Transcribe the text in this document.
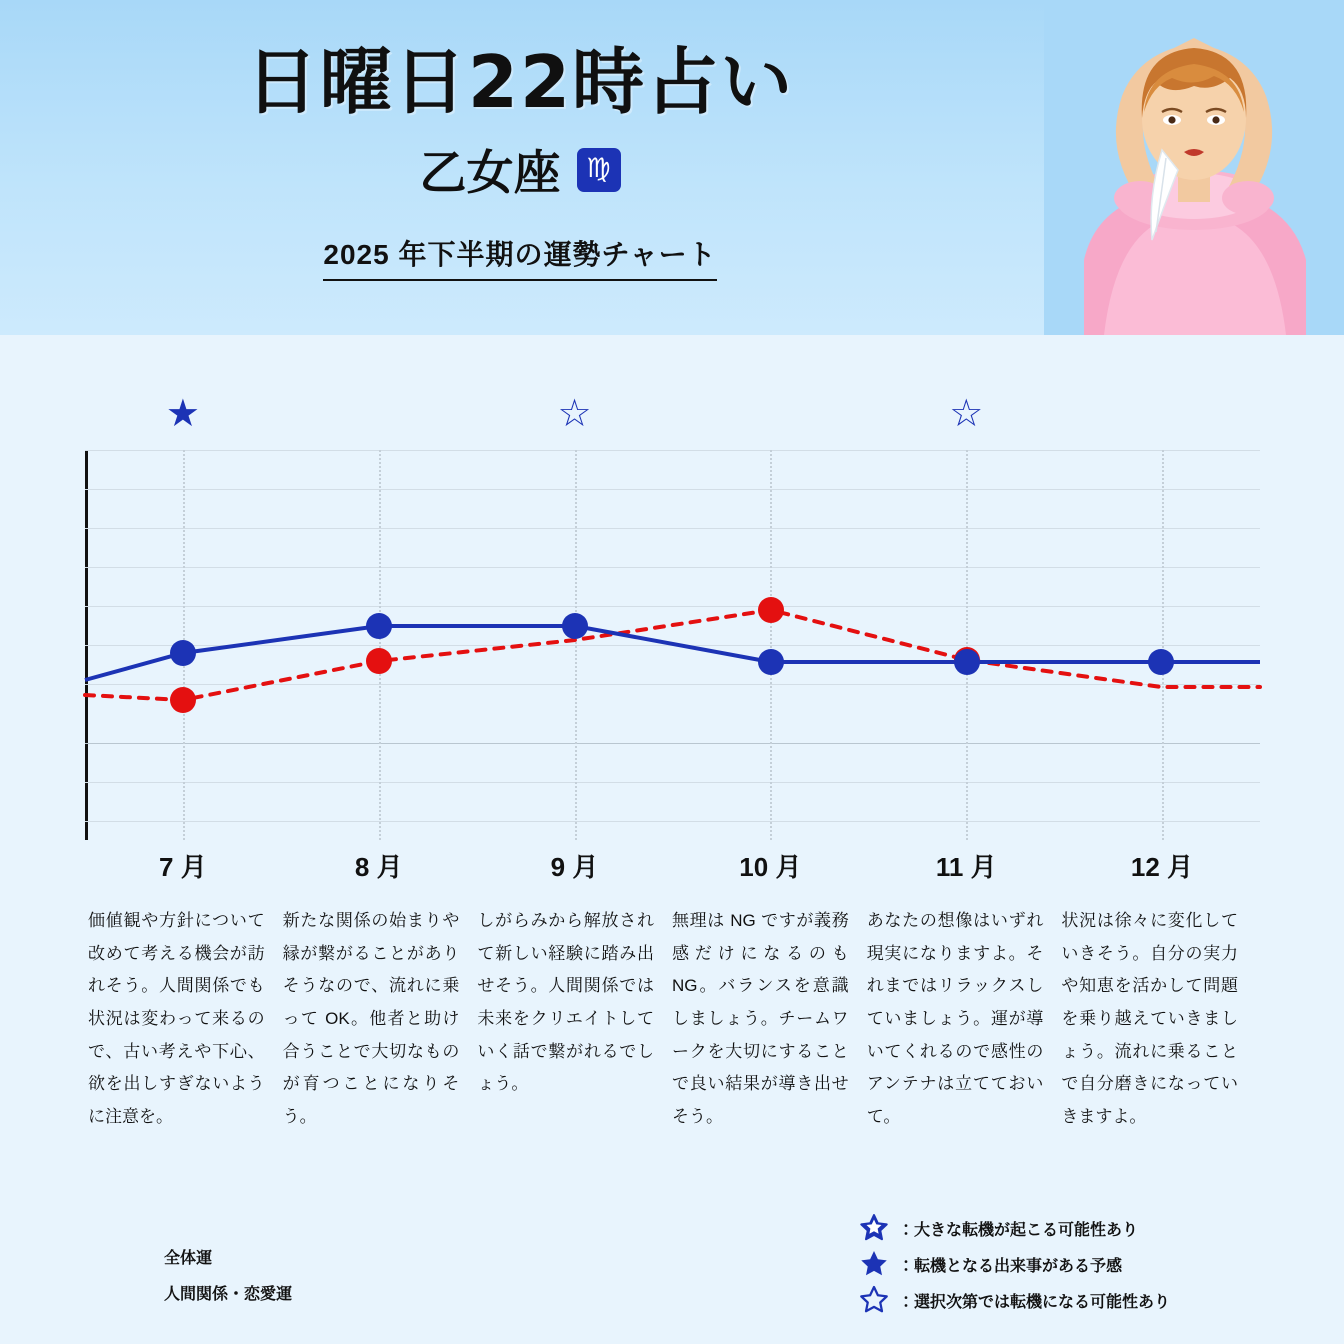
日曜日22時占い
乙女座 ♍
2025 年下半期の運勢チャート
★	☆	☆
7 月	8 月	9 月	10 月	11 月	12 月
価値観や方針について改めて考える機会が訪れそう。人間関係でも状況は変わって来るので、古い考えや下心、欲を出しすぎないように注意を。
新たな関係の始まりや縁が繋がることがありそうなので、流れに乗って OK。他者と助け合うことで大切なものが育つことになりそう。
しがらみから解放されて新しい経験に踏み出せそう。人間関係では未来をクリエイトしていく話で繋がれるでしょう。
無理は NG ですが義務感だけになるのも NG。バランスを意識しましょう。チームワークを大切にすることで良い結果が導き出せそう。
あなたの想像はいずれ現実になりますよ。それまではリラックスしていましょう。運が導いてくれるので感性のアンテナは立てておいて。
状況は徐々に変化していきそう。自分の実力や知恵を活かして問題を乗り越えていきましょう。流れに乗ることで自分磨きになっていきますよ。
全体運
人間関係・恋愛運
：大きな転機が起こる可能性あり
：転機となる出来事がある予感
：選択次第では転機になる可能性あり
